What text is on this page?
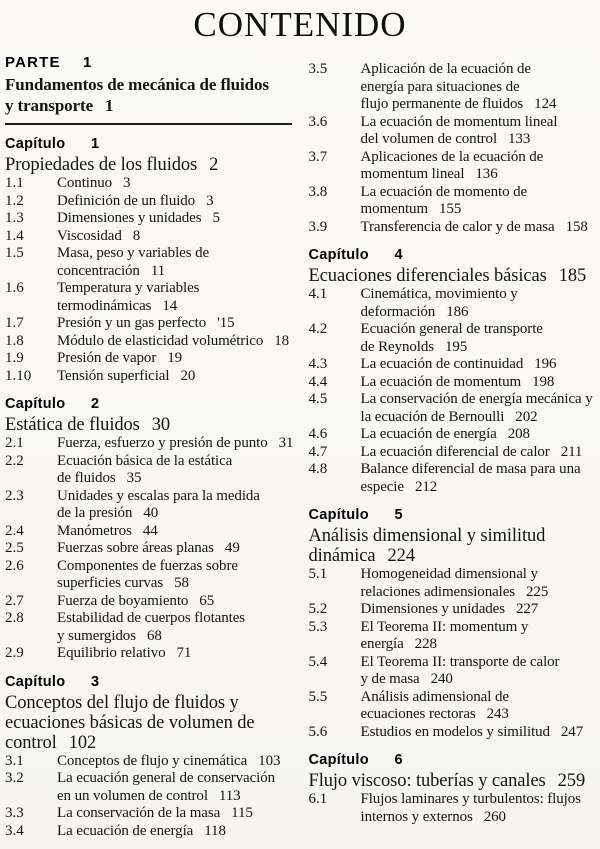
CONTENIDO
PARTE 1
Fundamentos de mecánica de fluidos
y transporte 1
Capítulo 1
Propiedades de los fluidos 2
1.1	Continuo 3
1.2	Definición de un fluido 3
1.3	Dimensiones y unidades 5
1.4	Viscosidad 8
1.5	Masa, peso y variables de
concentración 11
1.6	Temperatura y variables
termodinámicas 14
1.7	Presión y un gas perfecto '15
1.8	Módulo de elasticidad volumétrico 18
1.9	Presión de vapor 19
1.10	Tensión superficial 20
Capítulo 2
Estática de fluidos 30
2.1	Fuerza, esfuerzo y presión de punto 31
2.2	Ecuación básica de la estática
de fluidos 35
2.3	Unidades y escalas para la medida
de la presión 40
2.4	Manómetros 44
2.5	Fuerzas sobre áreas planas 49
2.6	Componentes de fuerzas sobre
superficies curvas 58
2.7	Fuerza de boyamiento 65
2.8	Estabilidad de cuerpos flotantes
y sumergidos 68
2.9	Equilibrio relativo 71
Capítulo 3
Conceptos del flujo de fluidos y
ecuaciones básicas de volumen de
control 102
3.1	Conceptos de flujo y cinemática 103
3.2	La ecuación general de conservación
en un volumen de control 113
3.3	La conservación de la masa 115
3.4	La ecuación de energía 118
3.5	Aplicación de la ecuación de
energía para situaciones de
flujo permanente de fluidos 124
3.6	La ecuación de momentum lineal
del volumen de control 133
3.7	Aplicaciones de la ecuación de
momentum lineal 136
3.8	La ecuación de momento de
momentum 155
3.9	Transferencia de calor y de masa 158
Capítulo 4
Ecuaciones diferenciales básicas 185
4.1	Cinemática, movimiento y
deformación 186
4.2	Ecuación general de transporte
de Reynolds 195
4.3	La ecuación de continuidad 196
4.4	La ecuación de momentum 198
4.5	La conservación de energía mecánica y
la ecuación de Bernoulli 202
4.6	La ecuación de energía 208
4.7	La ecuación diferencial de calor 211
4.8	Balance diferencial de masa para una
especie 212
Capítulo 5
Análisis dimensional y similitud
dinámica 224
5.1	Homogeneidad dimensional y
relaciones adimensionales 225
5.2	Dimensiones y unidades 227
5.3	El Teorema II: momentum y
energía 228
5.4	El Teorema II: transporte de calor
y de masa 240
5.5	Análisis adimensional de
ecuaciones rectoras 243
5.6	Estudios en modelos y similitud 247
Capítulo 6
Flujo viscoso: tuberías y canales 259
6.1	Flujos laminares y turbulentos: flujos
internos y externos 260
